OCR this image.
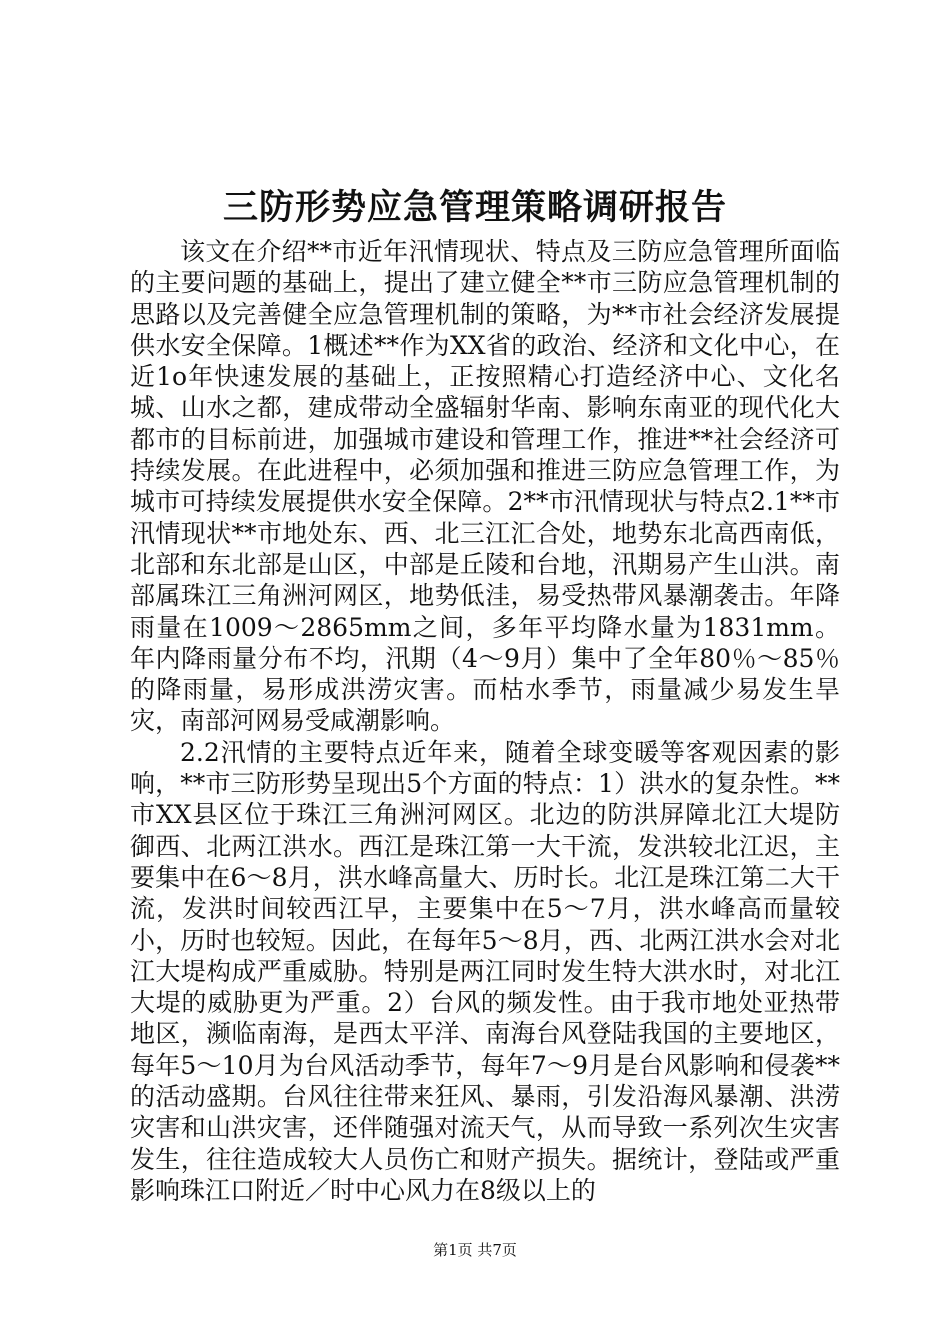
三防形势应急管理策略调研报告

该文在介绍**市近年汛情现状、特点及三防应急管理所面临的主要问题的基础上，提出了建立健全**市三防应急管理机制的思路以及完善健全应急管理机制的策略，为**市社会经济发展提供水安全保障。1概述**作为XX省的政治、经济和文化中心，在近1o年快速发展的基础上，正按照精心打造经济中心、文化名城、山水之都，建成带动全盛辐射华南、影响东南亚的现代化大都市的目标前进，加强城市建设和管理工作，推进**社会经济可持续发展。在此进程中，必须加强和推进三防应急管理工作，为城市可持续发展提供水安全保障。2**市汛情现状与特点2.1**市汛情现状**市地处东、西、北三江汇合处，地势东北高西南低，北部和东北部是山区，中部是丘陵和台地，汛期易产生山洪。南部属珠江三角洲河网区，地势低洼，易受热带风暴潮袭击。年降雨量在1009～2865mm之间，多年平均降水量为1831mm。年内降雨量分布不均，汛期（4～9月）集中了全年80％～85％的降雨量，易形成洪涝灾害。而枯水季节，雨量减少易发生旱灾，南部河网易受咸潮影响。

2.2汛情的主要特点近年来，随着全球变暖等客观因素的影响，**市三防形势呈现出5个方面的特点：1）洪水的复杂性。**市XX县区位于珠江三角洲河网区。北边的防洪屏障北江大堤防御西、北两江洪水。西江是珠江第一大干流，发洪较北江迟，主要集中在6～8月，洪水峰高量大、历时长。北江是珠江第二大干流，发洪时间较西江早，主要集中在5～7月，洪水峰高而量较小，历时也较短。因此，在每年5～8月，西、北两江洪水会对北江大堤构成严重威胁。特别是两江同时发生特大洪水时，对北江大堤的威胁更为严重。2）台风的频发性。由于我市地处亚热带地区，濒临南海，是西太平洋、南海台风登陆我国的主要地区，每年5～10月为台风活动季节，每年7～9月是台风影响和侵袭**的活动盛期。台风往往带来狂风、暴雨，引发沿海风暴潮、洪涝灾害和山洪灾害，还伴随强对流天气，从而导致一系列次生灾害发生，往往造成较大人员伤亡和财产损失。据统计，登陆或严重影响珠江口附近／时中心风力在8级以上的

第1页 共7页
